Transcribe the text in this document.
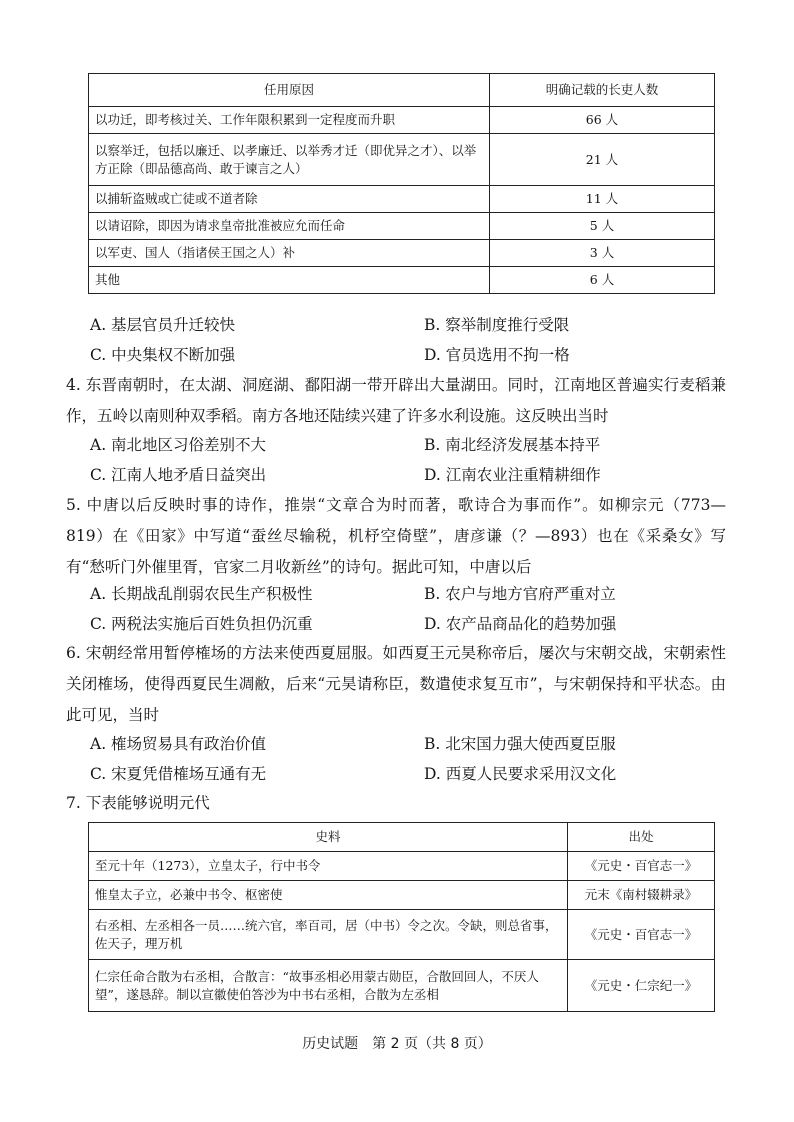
任用原因	明确记载的长吏人数
以功迁，即考核过关、工作年限积累到一定程度而升职	66 人
以察举迁，包括以廉迁、以孝廉迁、以举秀才迁（即优异之才）、以举方正除（即品德高尚、敢于谏言之人）	21 人
以捕斩盗贼或亡徒或不道者除	11 人
以请诏除，即因为请求皇帝批准被应允而任命	5 人
以军吏、国人（指诸侯王国之人）补	3 人
其他	6 人
A. 基层官员升迁较快	B. 察举制度推行受限
C. 中央集权不断加强	D. 官员选用不拘一格
4. 东晋南朝时，在太湖、洞庭湖、鄱阳湖一带开辟出大量湖田。同时，江南地区普遍实行麦稻兼作，五岭以南则种双季稻。南方各地还陆续兴建了许多水利设施。这反映出当时
A. 南北地区习俗差别不大	B. 南北经济发展基本持平
C. 江南人地矛盾日益突出	D. 江南农业注重精耕细作
5. 中唐以后反映时事的诗作，推崇“文章合为时而著，歌诗合为事而作”。如柳宗元（773—819）在《田家》中写道“蚕丝尽输税，机杼空倚壁”，唐彦谦（？—893）也在《采桑女》写有“愁听门外催里胥，官家二月收新丝”的诗句。据此可知，中唐以后
A. 长期战乱削弱农民生产积极性	B. 农户与地方官府严重对立
C. 两税法实施后百姓负担仍沉重	D. 农产品商品化的趋势加强
6. 宋朝经常用暂停榷场的方法来使西夏屈服。如西夏王元昊称帝后，屡次与宋朝交战，宋朝索性关闭榷场，使得西夏民生凋敝，后来“元昊请称臣，数遣使求复互市”，与宋朝保持和平状态。由此可见，当时
A. 榷场贸易具有政治价值	B. 北宋国力强大使西夏臣服
C. 宋夏凭借榷场互通有无	D. 西夏人民要求采用汉文化
7. 下表能够说明元代
史料	出处
至元十年（1273），立皇太子，行中书令	《元史・百官志一》
惟皇太子立，必兼中书令、枢密使	元末《南村辍耕录》
右丞相、左丞相各一员……统六官，率百司，居（中书）令之次。令缺，则总省事，佐天子，理万机	《元史・百官志一》
仁宗任命合散为右丞相，合散言：“故事丞相必用蒙古勋臣，合散回回人，不厌人望”，遂恳辞。制以宣徽使伯答沙为中书右丞相，合散为左丞相	《元史・仁宗纪一》
历史试题　第 2 页（共 8 页）
